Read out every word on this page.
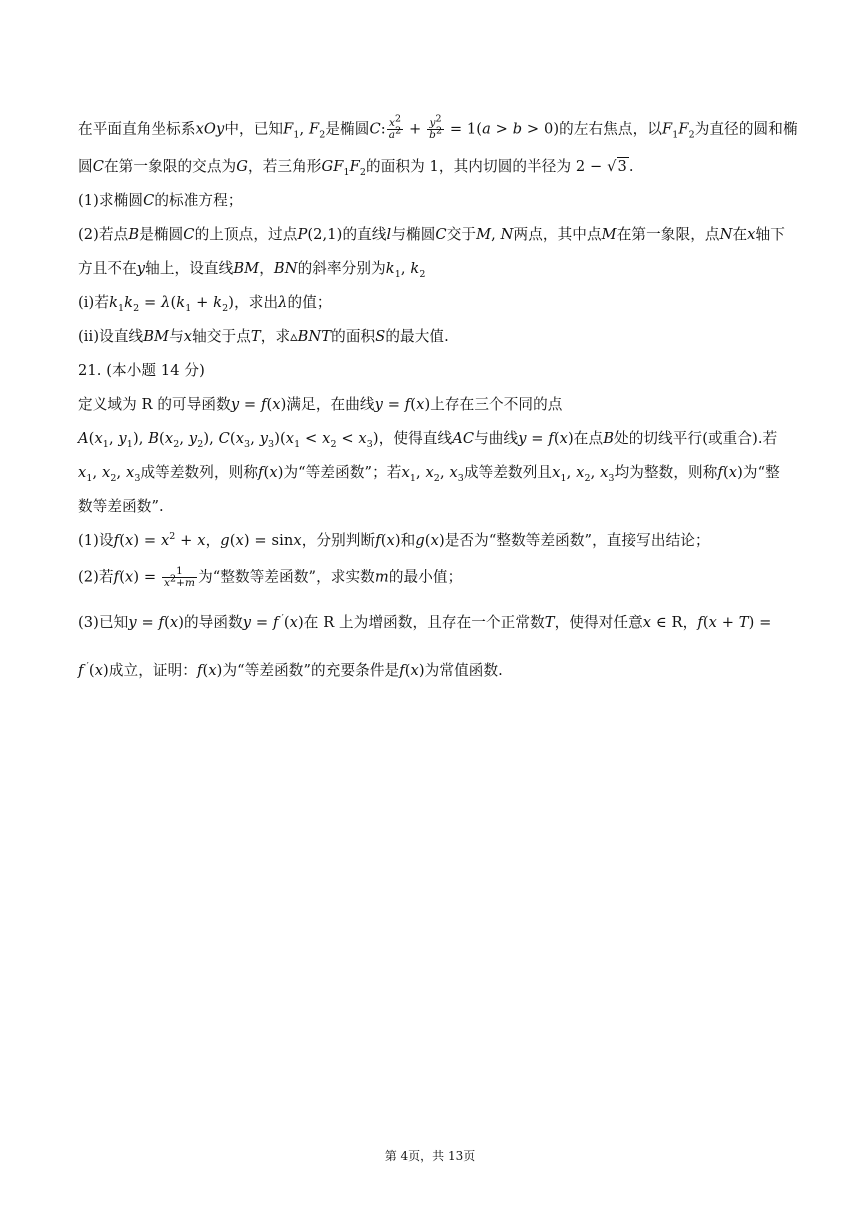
在平面直角坐标系xOy中，已知$F_1$, $F_2$是椭圆C: $\frac{x^2}{a^2} + \frac{y^2}{b^2} = 1(a > b > 0)$的左右焦点，以$F_1F_2$为直径的圆和椭
圆C在第一象限的交点为G，若三角形$GF_1F_2$的面积为 1，其内切圆的半径为 2 − √3 .
(1)求椭圆C的标准方程；
(2)若点B是椭圆C的上顶点，过点P(2,1)的直线l与椭圆C交于M, N两点，其中点M在第一象限，点N在x轴下
方且不在y轴上，设直线BM，BN的斜率分别为$k_1$, $k_2$
(i)若$k_1k_2 = \lambda(k_1 + k_2)$，求出λ的值；
(ii)设直线BM与x轴交于点T，求▵BNT的面积S的最大值.
21. (本小题 14 分)
定义域为 R 的可导函数y = f(x)满足，在曲线y = f(x)上存在三个不同的点
$A(x_1$, $y_1$), $B(x_2$, $y_2$), $C(x_3$, $y_3)(x_1 < x_2 < x_3)$，使得直线AC与曲线y = f(x)在点B处的切线平行(或重合).若
$x_1$, $x_2$, $x_3$成等差数列，则称f(x)为“等差函数”；若$x_1$, $x_2$, $x_3$成等差数列且$x_1$, $x_2$, $x_3$均为整数，则称f(x)为“整
数等差函数”.
(1)设$f(x) = x^2 + x$，g(x) = sinx，分别判断f(x)和g(x)是否为“整数等差函数”，直接写出结论；
(2)若$f(x) = \frac{1}{x^2+m}$ 为“整数等差函数”，求实数m的最小值；
(3)已知y = f(x)的导函数y = f ′(x)在 R 上为增函数，且存在一个正常数T，使得对任意x ∈ R，f(x + T) =
f ′(x)成立，证明：f(x)为“等差函数”的充要条件是f(x)为常值函数.
第 4页，共 13页
